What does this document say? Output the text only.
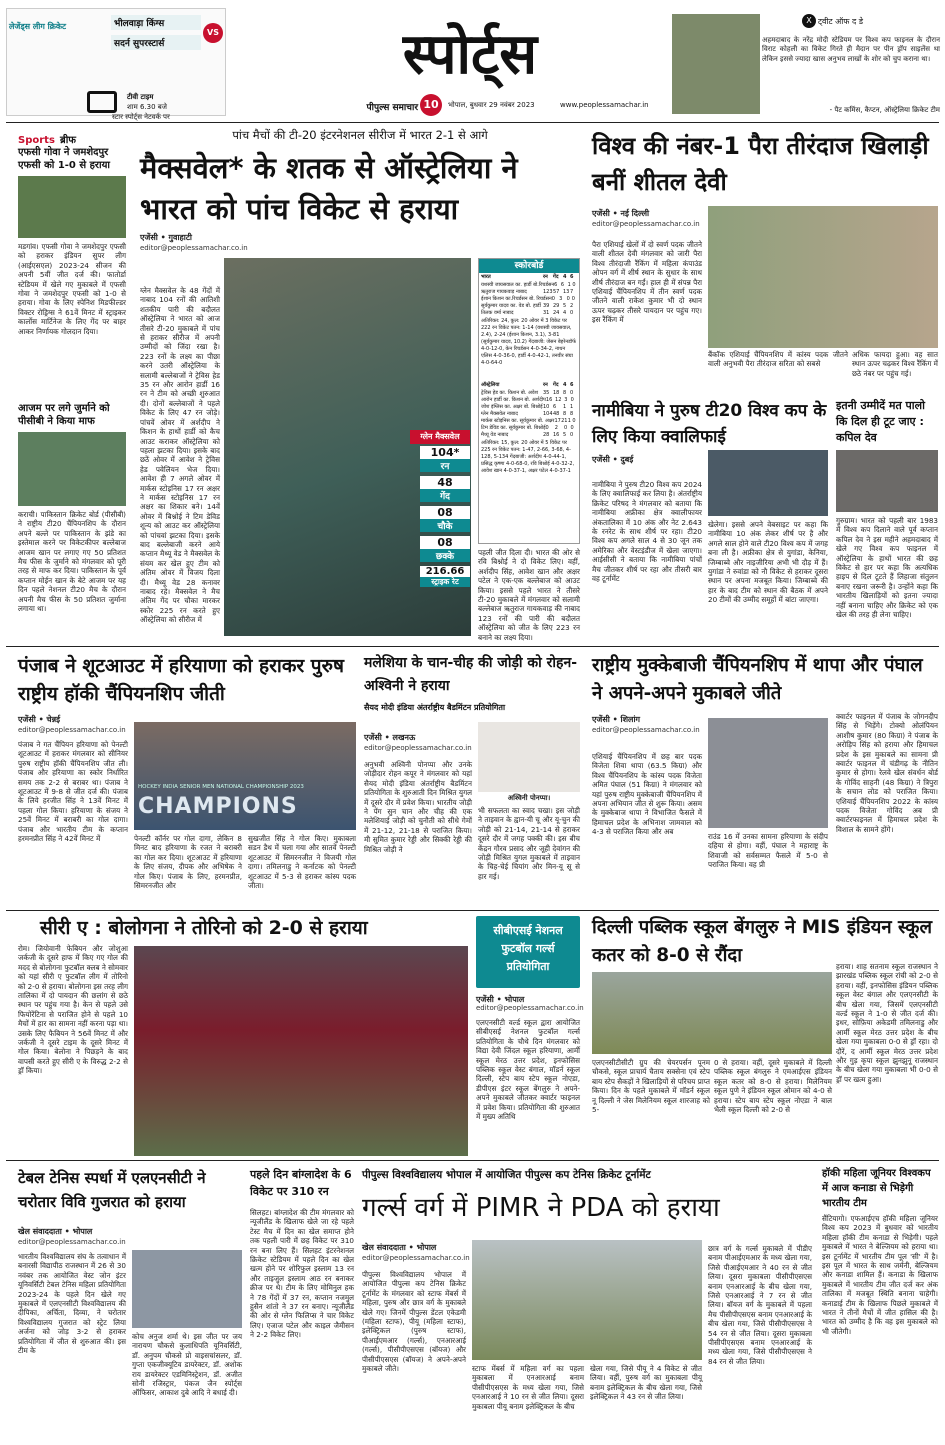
लेजेंड्स लीग क्रिकेट	भीलवाड़ा किंग्स
VS
सदर्न सुपरस्टार्स
टीवी टाइम
शाम 6.30 बजे
स्टार स्पोर्ट्स नेटवर्क पर
स्पोर्ट्स
पीपुल्स समाचार 10	भोपाल, बुधवार 29 नवंबर 2023	www.peoplessamachar.in
X ट्वीट ऑफ द डे
अहमदाबाद के नरेंद्र मोदी स्टेडियम पर विश्व कप फाइनल के दौरान विराट कोहली का विकेट गिरते ही मैदान पर पीन ड्रॉप साइलेंस था लेकिन इससे ज्यादा खास अनुभव लाखों के शोर को चुप कराना था।
- पैट कमिंस, कैप्टन, ऑस्ट्रेलिया क्रिकेट टीम
Sports ब्रीफ
एफसी गोवा ने जमशेदपुर एफसी को 1-0 से हराया
मडगांव। एफसी गोवा ने जमशेदपुर एफसी को हराकर इंडियन सुपर लीग (आईएसएल) 2023-24 सीजन की अपनी 5वीं जीत दर्ज की। फातोर्डा स्टेडियम में खेले गए मुकाबले में एफसी गोवा ने जमशेदपुर एफसी को 1-0 से हराया। गोवा के लिए स्पेनिश मिडफील्डर विक्टर रोड्रिग्स ने 61वें मिनट में स्ट्राइकर कार्लोस मार्टिनेज के लिए गेंद पर बाहर आकर निर्णायक गोलदान दिया।
आजम पर लगे जुर्माने को पीसीबी ने किया माफ
कराची। पाकिस्तान क्रिकेट बोर्ड (पीसीबी) ने राष्ट्रीय टी20 चैंपियनशिप के दौरान अपने बल्ले पर पाकिस्तान के झंडे का इस्तेमाल करने पर विकेटकीपर बल्लेबाज आजम खान पर लगाए गए 50 प्रतिशत मैच फीस के जुर्माने को मंगलवार को पूरी तरह से माफ कर दिया। पाकिस्तान के पूर्व कप्तान मोईन खान के बेटे आजम पर यह दिन पहले नेशनल टी20 मैच के दौरान अपनी मैच फीस के 50 प्रतिशत जुर्माना लगाया था।
पांच मैचों की टी-20 इंटरनेशनल सीरीज में भारत 2-1 से आगे
मैक्सवेल* के शतक से ऑस्ट्रेलिया ने भारत को पांच विकेट से हराया
एजेंसी • गुवाहाटी
editor@peoplessamachar.co.in
ग्लेन मैक्सवेल के 48 गेंदों में नाबाद 104 रनों की आतिशी शतकीय पारी की बदौलत ऑस्ट्रेलिया ने भारत को आज तीसरे टी-20 मुकाबले में पांच से हराकर सीरीज में अपनी उम्मीदों को जिंदा रखा है। 223 रनों के लक्ष्य का पीछा करने उतरी ऑस्ट्रेलिया के सलामी बल्लेबाजों ने ट्रेविस हेड 35 रन और आरोन हार्डी 16 रन ने टीम को अच्छी शुरुआत दी। दोनों बल्लेबाजों ने पहले विकेट के लिए 47 रन जोड़े। पांचवें ओवर में अर्शदीप ने किशन के हाथों हार्डी को कैच आउट कराकर ऑस्ट्रेलिया को पहला झटका दिया। इसके बाद छठें ओवर में आवेश ने ट्रेविस हेड पवेलियन भेज दिया। आवेश ही 7 अगले ओवर में मार्कस स्टोइनिस 17 रन अक्षर ने मार्कस स्टोइनिस 17 रन अक्षर का शिकार बने। 14वें ओवर में बिश्नोई ने टिम डेविड शून्य को आउट कर ऑस्ट्रेलिया को पांचवां झटका दिया। इसके बाद बल्लेबाजी करने आये कप्तान मैथ्यू वेड ने मैक्सवेल के संयम कर खेल हुए टीम को अंतिम ओवर में विजय दिला दी। मैथ्यू वेड 28 कनावर नाबाद रहे। मैक्सवेल ने मैच अंतिम गेंद पर चौका मारकर स्कोर 225 रन करते हुए ऑस्ट्रेलिया को सीरीज में
ग्लेन मैक्सवेल
104*
रन
48
गेंद
08
चौके
08
छक्के
216.66
स्ट्राइक रेट
पहली जीत दिला दी। भारत की ओर से रवि बिश्नोई ने दो विकेट लिए। वहीं, अर्शदीप सिंह, आवेश खान और अक्षर पटेल ने एक-एक बल्लेबाज को आउट किया। इससे पहले भारत ने तीसरे टी-20 मुकाबले में मंगलवार को सलामी बल्लेबाज ऋतुराज गायकवाड़ की नाबाद 123 रनों की पारी की बदौलत ऑस्ट्रेलिया को जीत के लिए 223 रन बनाने का लक्ष्य दिया।
स्कोरबोर्ड
भारत	रन	गेंद 4 6
यशस्वी जायसवाल का. हार्डी बो.रिचर्डसन 6 6 1 0
ऋतुराज गायकवाड़ नाबाद	123 57 13 7
ईशान किशन का.रिचर्डसन बो. रिचर्डसन 0 3 0 0
सूर्यकुमार यादव का. वेड बो. हार्डी 39 29 5 2
तिलक वर्मा नाबाद	31 24 4 0
अतिरिक्त: 24, कुल: 20 ओवर में 3 विकेट पर 222 रन विकेट पतन: 1-14 (यशस्वी जायसवाल, 2.4), 2-24 (ईशान किशन, 3.1), 3-81 (सूर्यकुमार यादव, 10.2) गेंदबाजी: जेसन बेहरेनडॉर्फ 4-0-12-0, केन रिचर्डसन 4-0-34-2, नाथन एलिस 4-0-36-0, हार्डी 4-0-42-1, तनवीर संघा 4-0-64-0
ऑस्ट्रेलिया	रन	गेंद 4 6
ट्रेविस हेड का. किशन बो. अवेश 35 18 8 0
आरोन हार्डी का. किशन बो. अर्शदीप 16 12 3 0
जोश इंग्लिस का. अक्षर बो. बिश्नोई 10 6	1 1
ग्लेन मैक्सवेल नाबाद	104 48 8 8
मार्कस स्टोइनिस का. सूर्यकुमार बो. अक्षर 17 21 1 0
टिम डेविड का. सूर्यकुमार बो. बिश्नोई 0	2	0 0
मैथ्यू वेड नाबाद	28 16 5 0
अतिरिक्त: 15, कुल: 20 ओवर में 5 विकेट पर 225 रन विकेट पतन: 1-47, 2-66, 3-68, 4-128, 5-134 गेंदबाजी: अर्शदीप 4-0-44-1, प्रसिद्ध कृष्णा 4-0-68-0, रवि बिश्नोई 4-0-32-2, आवेश खान 4-0-37-1, अक्षर पटेल 4-0-37-1
विश्व की नंबर-1 पैरा तीरंदाज खिलाड़ी बनीं शीतल देवी
एजेंसी • नई दिल्ली
editor@peoplessamachar.co.in
पैरा एशियाई खेलों में दो स्वर्ण पदक जीतने वाली शीतल देवी मंगलवार को जारी पैरा विश्व तीरंदाजी रैंकिंग में महिला कंपाउंड ओपन वर्ग में शीर्ष स्थान के सुधार के साथ शीर्ष तीरंदाज बन गईं। हाल ही में संपन्न पैरा एशियाई चैंपियनशिप में तीन स्वर्ण पदक जीतने वाली राकेश कुमार भी दो स्थान ऊपर चढ़कर तीसरे पायदान पर पहुंच गए। इस रैंकिंग में
बैंकॉक एशियाई चैंपियनशिप में कांस्य पदक जीतने वाली अनुभवी पैरा तीरंदाज सरिता को सबसे
अधिक फायदा हुआ। वह सात स्थान ऊपर चढ़कर विश्व रैंकिंग में छठे नंबर पर पहुंच गई।
नामीबिया ने पुरुष टी20 विश्व कप के लिए किया क्वालिफाई
एजेंसी • दुबई
नामीबिया ने पुरुष टी20 विश्व कप 2024 के लिए क्वालिफाई कर लिया है। अंतर्राष्ट्रीय क्रिकेट परिषद ने मंगलवार को बताया कि नामीबिया अफ्रीका क्षेत्र क्वालीफायर अंकतालिका में 10 अंक और नेट 2.643 के रनरेट के साथ शीर्ष पर रहा। टी20 विश्व कप अगले साल 4 से 30 जून तक अमेरिका और वेस्टइंडीज में खेला जाएगा। आईसीसी ने बताया कि नामीबिया पांचों मैच जीतकर शीर्ष पर रहा और तीसरी बार वह टूर्नामेंट
खेलेगा। इससे अपने वेबसाइट पर कहा कि नामीबिया 10 अंक लेकर शीर्ष पर है और अगले साल होने वाले टी20 विश्व कप में जगह बना ली है। अफ्रीका क्षेत्र से युगांडा, केनिया, जिम्बाब्वे और नाइजीरिया अभी भी दौड़ में हैं। युगांडा ने रुवांडा को नौ विकेट से हराकर दूसरा स्थान पर अपना मजबूत किया। जिम्बाब्वे की हार के बाद टीम को स्थान की बैठक में अपने 20 टीमों की उम्मीद समूहों में बांटा जाएगा।
इतनी उम्मीदें मत पालो कि दिल ही टूट जाए : कपिल देव
गुरुग्राम। भारत को पहली बार 1983 में विश्व कप दिलाने वाले पूर्व कप्तान कपिल देव ने इस महीने अहमदाबाद में खेले गए विश्व कप फाइनल में ऑस्ट्रेलिया के हाथों भारत की छह विकेट से हार पर कहा कि अत्यधिक हाइप से दिल टूटते हैं लिहाजा संतुलन बनाए रखना जरूरी है। उन्होंने कहा कि भारतीय खिलाड़ियों को इतना ज्यादा नहीं बनाना चाहिए और क्रिकेट को एक खेल की तरह ही लेना चाहिए।
पंजाब ने शूटआउट में हरियाणा को हराकर पुरुष राष्ट्रीय हॉकी चैंपियनशिप जीती
एजेंसी • चेन्नई
editor@peoplessamachar.co.in
पंजाब ने गत चैंपियन हरियाणा को पेनल्टी शूटआउट में हराकर मंगलवार को सीनियर पुरुष राष्ट्रीय हॉकी चैंपियनशिप जीत ली। पंजाब और हरियाणा का स्कोर निर्धारित समय तक 2-2 से बराबर था। पंजाब ने शूटआउट में 9-8 से जीत दर्ज की। पंजाब के लिये हरजीत सिंह ने 13वें मिनट में पहला गोल किया। हरियाणा के संजय ने 25वें मिनट में बराबरी का गोल दागा। पंजाब और भारतीय टीम के कप्तान हरमनप्रीत सिंह ने 42वें मिनट में
HOCKEY INDIA SENIOR MEN NATIONAL CHAMPIONSHIP 2023
CHAMPIONS
पेनल्टी कॉर्नर पर गोल दागा, लेकिन 8 मिनट बाद हरियाणा के रजत ने बराबरी का गोल कर दिया। शूटआउट में हरियाणा के लिए संजय, दीपक और अभिषेक ने गोल किए। पंजाब के लिए, हरमनप्रीत, सिमरनजीत और
सुखजीत सिंह ने गोल किए। मुकाबला सडन डैथ में चला गया और सातवें पेनल्टी शूटआउट में सिमरनजीत ने विजयी गोल दागा। तमिलनाडु ने कर्नाटक को पेनल्टी शूटआउट में 5-3 से हराकर कांस्य पदक जीता।
मलेशिया के चान-चीह की जोड़ी को रोहन-अश्विनी ने हराया
सैयद मोदी इंडिया अंतर्राष्ट्रीय बैडमिंटन प्रतियोगिता
एजेंसी • लखनऊ
editor@peoplessamachar.co.in
अनुभवी अश्विनी पोनप्पा और उनके जोड़ीदार रोहन कपूर ने मंगलवार को यहां सैयद मोदी इंडिया अंतर्राष्ट्रीय बैडमिंटन प्रतियोगिता के शुरुआती दिन मिश्रित युगल में दूसरे दौर में प्रवेश किया। भारतीय जोड़ी ने पेंग सुन चान और चीह की एक मलेशियाई जोड़ी को चुनौती को सीधे गेमों में 21-12, 21-18 से पराजित किया। मी सुमित कुमार रेड्डी और सिक्की रेड्डी की मिश्रित जोड़ी ने
अश्विनी पोनप्पा।
भी सफलता का स्वाद चखा। इस जोड़ी ने ताइवान के ह्वान-यी चू और यू-चुन की जोड़ी को 21-14, 21-14 से हराकर दूसरे दौर में जगह पक्की की। इस बीच केंद्रन गौरव प्रसाद और जूही देवांगन की जोड़ी मिश्रित युगल मुकाबले में ताइवान के चिह-चेई चियांग और मिन-यू सू से हार गई।
राष्ट्रीय मुक्केबाजी चैंपियनशिप में थापा और पंघाल ने अपने-अपने मुकाबले जीते
एजेंसी • शिलांग
editor@peoplessamachar.co.in
एशियाई चैंपियनशिप में छह बार पदक विजेता शिवा थापा (63.5 किग्रा) और विश्व चैंपियनशिप के कांस्य पदक विजेता अमित पंघाल (51 किग्रा) ने मंगलवार को यहां पुरुष राष्ट्रीय मुक्केबाजी चैंपियनशिप में अपना अभियान जीत से शुरू किया। असम के मुक्केबाज थापा ने विभाजित फैसले में हिमाचल प्रदेश के अभिनाश जामवाल को 4-3 से पराजित किया और अब
राउंड 16 में उनका सामना हरियाणा के संदीप दहिया से होगा। वहीं, पंघाल ने महाराष्ट्र के शिवाजी को सर्वसम्मत फैसले में 5-0 से पराजित किया। वह प्री
क्वार्टर फाइनल में पंजाब के जोगनदीप सिंह से भिड़ेंगे। टोक्यो ओलंपियन आशीष कुमार (80 किग्रा) ने पंजाब के अरोड़िप सिंह को हराया और हिमाचल प्रदेश के इस मुकाबले का सामना प्री क्वार्टर फाइनल में चंडीगढ़ के नीतिन कुमार से होगा। रेलवे खेल संवर्धन बोर्ड के गोविंद साहनी (48 किग्रा) ने त्रिपुरा के सचान लोड को पराजित किया। एशियाई चैंपियनशिप 2022 के कांस्य पदक विजेता गोविंद अब प्री क्वार्टरफाइनल में हिमाचल प्रदेश के विशाल के सामने होंगे।
सीरी ए : बोलोगना ने तोरिनो को 2-0 से हराया
रोम। जियोवानी फेबियन और जोशुआ जर्कजी के दूसरे हाफ में किए गए गोल की मदद से बोलोगना फुटबॉल क्लब ने सोमवार को यहां सीरी ए फुटबॉल लीग में तोरिनो को 2-0 से हराया। बोलोगना इस तरह लीग तालिका में दो पायदान की छलांग से छठे स्थान पर पहुंच गया है। केन से पहले उसे फियोरेंटिना से पराजित होने से पहले 10 मैचों में हार का सामना नहीं करना पड़ा था। उसके लिए फैबियन ने 56वें मिनट में और जर्कजी ने दूसरे टाइम के दूसरे मिनट में गोल किया। बेलोना ने पिछड़ने के बाद वापसी करते हुए सीरी ए के विरुद्ध 2-2 से ड्रॉ किया।
सीबीएसई नेशनल फुटबॉल गर्ल्स प्रतियोगिता
दिल्ली पब्लिक स्कूल बेंगलुरु ने MIS इंडियन स्कूल कतर को 8-0 से रौंदा
एजेंसी • भोपाल
editor@peoplessamachar.co.in
एलएनसीटी वर्ल्ड स्कूल द्वारा आयोजित सीबीएसई नेशनल फुटबॉल गर्ल्स प्रतियोगिता के चौथे दिन मंगलवार को विद्या देवी जिंदल स्कूल हरियाणा, आर्मी स्कूल मेरठ उत्तर प्रदेश, इनफोसिस पब्लिक स्कूल वेस्ट बंगाल, मॉडर्न स्कूल दिल्ली, स्टेप बाय स्टेप स्कूल नोएडा, डीपीएस इंटर स्कूल बेंगलुरु ने अपने-अपने मुकाबले जीतकर क्वार्टर फाइनल में प्रवेश किया। प्रतियोगिता की शुरुआत में मुख्य अतिथि
एलएनसीटीसीटी ग्रुप की चेयरपर्सन पूनम चौकसे, स्कूल प्राचार्य चैताय सक्सेना एवं स्टेप बाय स्टेप सैकड़ों ने खिलाड़ियों से परिचय प्राप्त किया। दिन के पहले मुकाबले में मॉडर्न स्कूल नू दिल्ली ने जेस मिलेनियम स्कूल शारजाह को 5-
0 से हराया। वहीं, दूसरे मुकाबले में दिल्ली पब्लिक स्कूल बंगलुरु ने एमआईएस इंडियन स्कूल कतर को 8-0 से हराया। मिलेनियम स्कूल पुणे ने इंडियन स्कूल ओमान को 4-0 से हराया। स्टेप बाय स्टेप स्कूल नोएडा ने बाल भैली स्कूल दिल्ली को 2-0 से
हराया। शाह सतनाम स्कूल राजस्थान ने झारखंड पब्लिक स्कूल रांची को 2-0 से हराया। वहीं, इनफोसिस इंडियन पब्लिक स्कूल वेस्ट बंगाल और एलएनसीटी के बीच खेला गया, जिसमें एलएनसीटी वर्ल्ड स्कूल ने 1-0 से जीत दर्ज की। इधर, सोफ़िया अकेडमी तमिलनाडु और आर्मी स्कूल मेरठ उत्तर प्रदेश के बीच खेला गया मुकाबला 0-0 से ड्रॉ रहा। दो दौरें, द आर्मी स्कूल मेरठ उत्तर प्रदेश और गुड़ कृपा स्कूल झुनझुनू राजस्थान के बीच खेला गया मुकाबला भी 0-0 से ड्रॉ पर खत्म हुआ।
टेबल टेनिस स्पर्धा में एलएनसीटी ने चरोतार विवि गुजरात को हराया
खेल संवाददाता • भोपाल
editor@peoplessamachar.co.in
भारतीय विश्वविद्यालय संघ के तत्वाधान में बनारसी विद्यापीठ राजस्थान में 26 से 30 नवंबर तक आयोजित वेस्ट जोन इंटर यूनिवर्सिटी टेबल टेनिस महिला प्रतियोगिता 2023-24 के पहले दिन खेले गए मुकाबले में एलएनसीटी विश्वविद्यालय की दीपिका, अर्चिता, दिव्या, ने चरोतार विश्वविद्यालय गुजरात को स्ट्रेट लिया अर्जना को जोड़ 3-2 से हराकर प्रतियोगिता में जीत से शुरुआत की। इस टीम के
कोच अनुज शर्मा थे। इस जीत पर जय नारायण चौकसे कुलाधिपति यूनिवर्सिटी, डॉ. अनुपम चौकसे प्रो वाइसचांसलर, डॉ. गुप्ता एकजीक्यूटिव डायरेक्टर, डॉ. अशोक राय डायरेक्टर एडमिनिस्ट्रेशन, डॉ. अजीत सोनी रजिस्ट्रार, पंकज जैन स्पोर्ट्स ऑफिसर, आकाश दुबे आदि ने बधाई दी।
पहले दिन बांग्लादेश के 6 विकेट पर 310 रन
सिलहट। बांग्लादेश की टीम मंगलवार को न्यूजीलैंड के खिलाफ खेले जा रहे पहले टेस्ट मैच में दिन का खेल समाप्त होने तक पहली पारी में छह विकेट पर 310 रन बना लिए हैं। सिलहट इंटरनेशनल क्रिकेट स्टेडियम में पहले दिन का खेल खत्म होने पर शोरिफुल इस्लाम 13 रन और ताइजुल इस्लाम आठ रन बनाकर क्रीज पर थे। टीम के लिए मोमिनुल हक ने 78 गेंदों में 37 रन, कप्तान नजमुल हुसैन शांतो ने 37 रन बनाए। न्यूजीलैंड की ओर से ग्लेन फिलिप्स ने चार विकेट लिए। एजाज पटेल और काइल जैमीसन ने 2-2 विकेट लिए।
पीपुल्स विश्वविद्यालय भोपाल में आयोजित पीपुल्स कप टेनिस क्रिकेट टूर्नामेंट
गर्ल्स वर्ग में PIMR ने PDA को हराया
खेल संवाददाता • भोपाल
editor@peoplessamachar.co.in
पीपुल्स विश्वविद्यालय भोपाल में आयोजित पीपुल्स कप टेनिस क्रिकेट टूर्नामेंट के मंगलवार को स्टाफ मेंबर्स में महिला, पुरुष और छात्र वर्ग के मुकाबले खेले गए। जिनमें पीपुल्स डेंटल एकेडमी (महिला स्टाफ), पीयू (महिला स्टाफ), इलेक्ट्रिकल (पुरुष स्टाफ), पीआईएमआर (गर्ल्स), एनआरआई (गर्ल्स), पीसीपीएसएस (बॉयज) और पीसीपीएसएस (बॉयज) ने अपने-अपने मुकाबले जीते।	स्टाफ मेंबर्स में महिला वर्ग का पहला मुकाबला में एनआरआई बनाम पीसीपीएसएस के मध्य खेला गया, जिसे एनआरआई ने 10 रन से जीत लिया। दूसरा मुकाबला पीयू बनाम इलेक्ट्रिकल के बीच
खेला गया, जिसे पीयू ने 4 विकेट से जीत लिया। वहीं, पुरुष वर्ग का मुकाबला पीयू बनाम इलेक्ट्रिकल के बीच खेला गया, जिसे इलेक्ट्रिकल ने 43 रन से जीत लिया।
छात्र वर्ग के गर्ल्स मुकाबले में पीडीए बनाम पीआईएमआर के मध्य खेला गया, जिसे पीआईएमआर ने 40 रन से जीत लिया। दूसरा मुकाबला पीसीपीएसएस बनाम एनआरआई के बीच खेला गया, जिसे एनआरआई ने 7 रन से जीत लिया। बॉयज वर्ग के मुकाबले में पहला मैच पीसीपीएसएस बनाम एनआरआई के बीच खेला गया, जिसे पीसीपीएसएस ने 54 रन से जीत लिया। दूसरा मुकाबला पीसीपीएसएस बनाम एनआरआई के मध्य खेला गया, जिसे पीसीपीएसएस ने 84 रन से जीत लिया।
हॉकी महिला जूनियर विश्वकप में आज कनाडा से भिड़ेगी भारतीय टीम
सैंटियागो। एफआईएच हॉकी महिला जूनियर विश्व कप 2023 में बुधवार को भारतीय महिला हॉकी टीम कनाडा से भिड़ेगी। पहले मुकाबले में भारत ने बेल्जियम को हराया था। इस टूर्नामेंट में भारतीय टीम पूल 'सी' में है। इस पूल में भारत के साथ जर्मनी, बेल्जियम और कनाडा शामिल हैं। कनाडा के खिलाफ मुकाबले में भारतीय टीम जीत दर्ज कर अंक तालिका में मजबूत स्थिति बनाना चाहेगी। कनाडाई टीम के खिलाफ पिछले मुकाबले में भारत ने तीनों मैचों में जीत हासिल की है। भारत को उम्मीद है कि वह इस मुकाबले को भी जीतेगी।
